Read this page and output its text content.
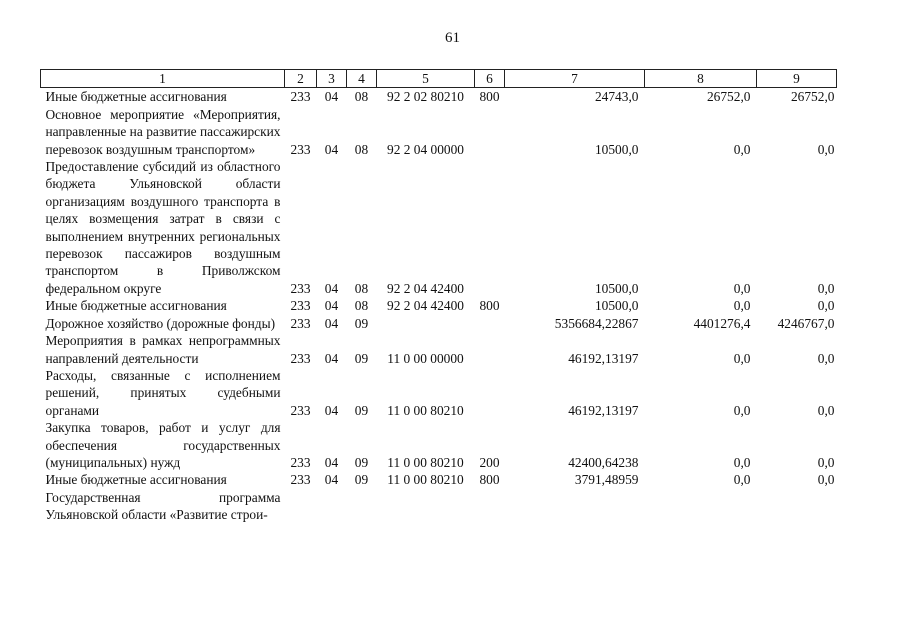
61
1	2	3	4	5	6	7	8	9
Иные бюджетные ассигнования	233	04	08	92 2 02 80210	800	24743,0	26752,0	26752,0
Основное мероприятие «Мероприятия, направленные на развитие пассажирских перевозок воздушным транспортом»	233	04	08	92 2 04 00000		10500,0	0,0	0,0
Предоставление субсидий из областного бюджета Ульяновской области организациям воздушного транспорта в целях возмещения затрат в связи с выполнением внутренних региональных перевозок пассажиров воздушным транспортом в Приволжском федеральном округе	233	04	08	92 2 04 42400		10500,0	0,0	0,0
Иные бюджетные ассигнования	233	04	08	92 2 04 42400	800	10500,0	0,0	0,0
Дорожное хозяйство (дорожные фонды)	233	04	09			5356684,22867	4401276,4	4246767,0
Мероприятия в рамках непрограммных направлений деятельности	233	04	09	11 0 00 00000		46192,13197	0,0	0,0
Расходы, связанные с исполнением решений, принятых судебными органами	233	04	09	11 0 00 80210		46192,13197	0,0	0,0
Закупка товаров, работ и услуг для обеспечения государственных (муниципальных) нужд	233	04	09	11 0 00 80210	200	42400,64238	0,0	0,0
Иные бюджетные ассигнования	233	04	09	11 0 00 80210	800	3791,48959	0,0	0,0
Государственная программа Ульяновской области «Развитие строи-								
